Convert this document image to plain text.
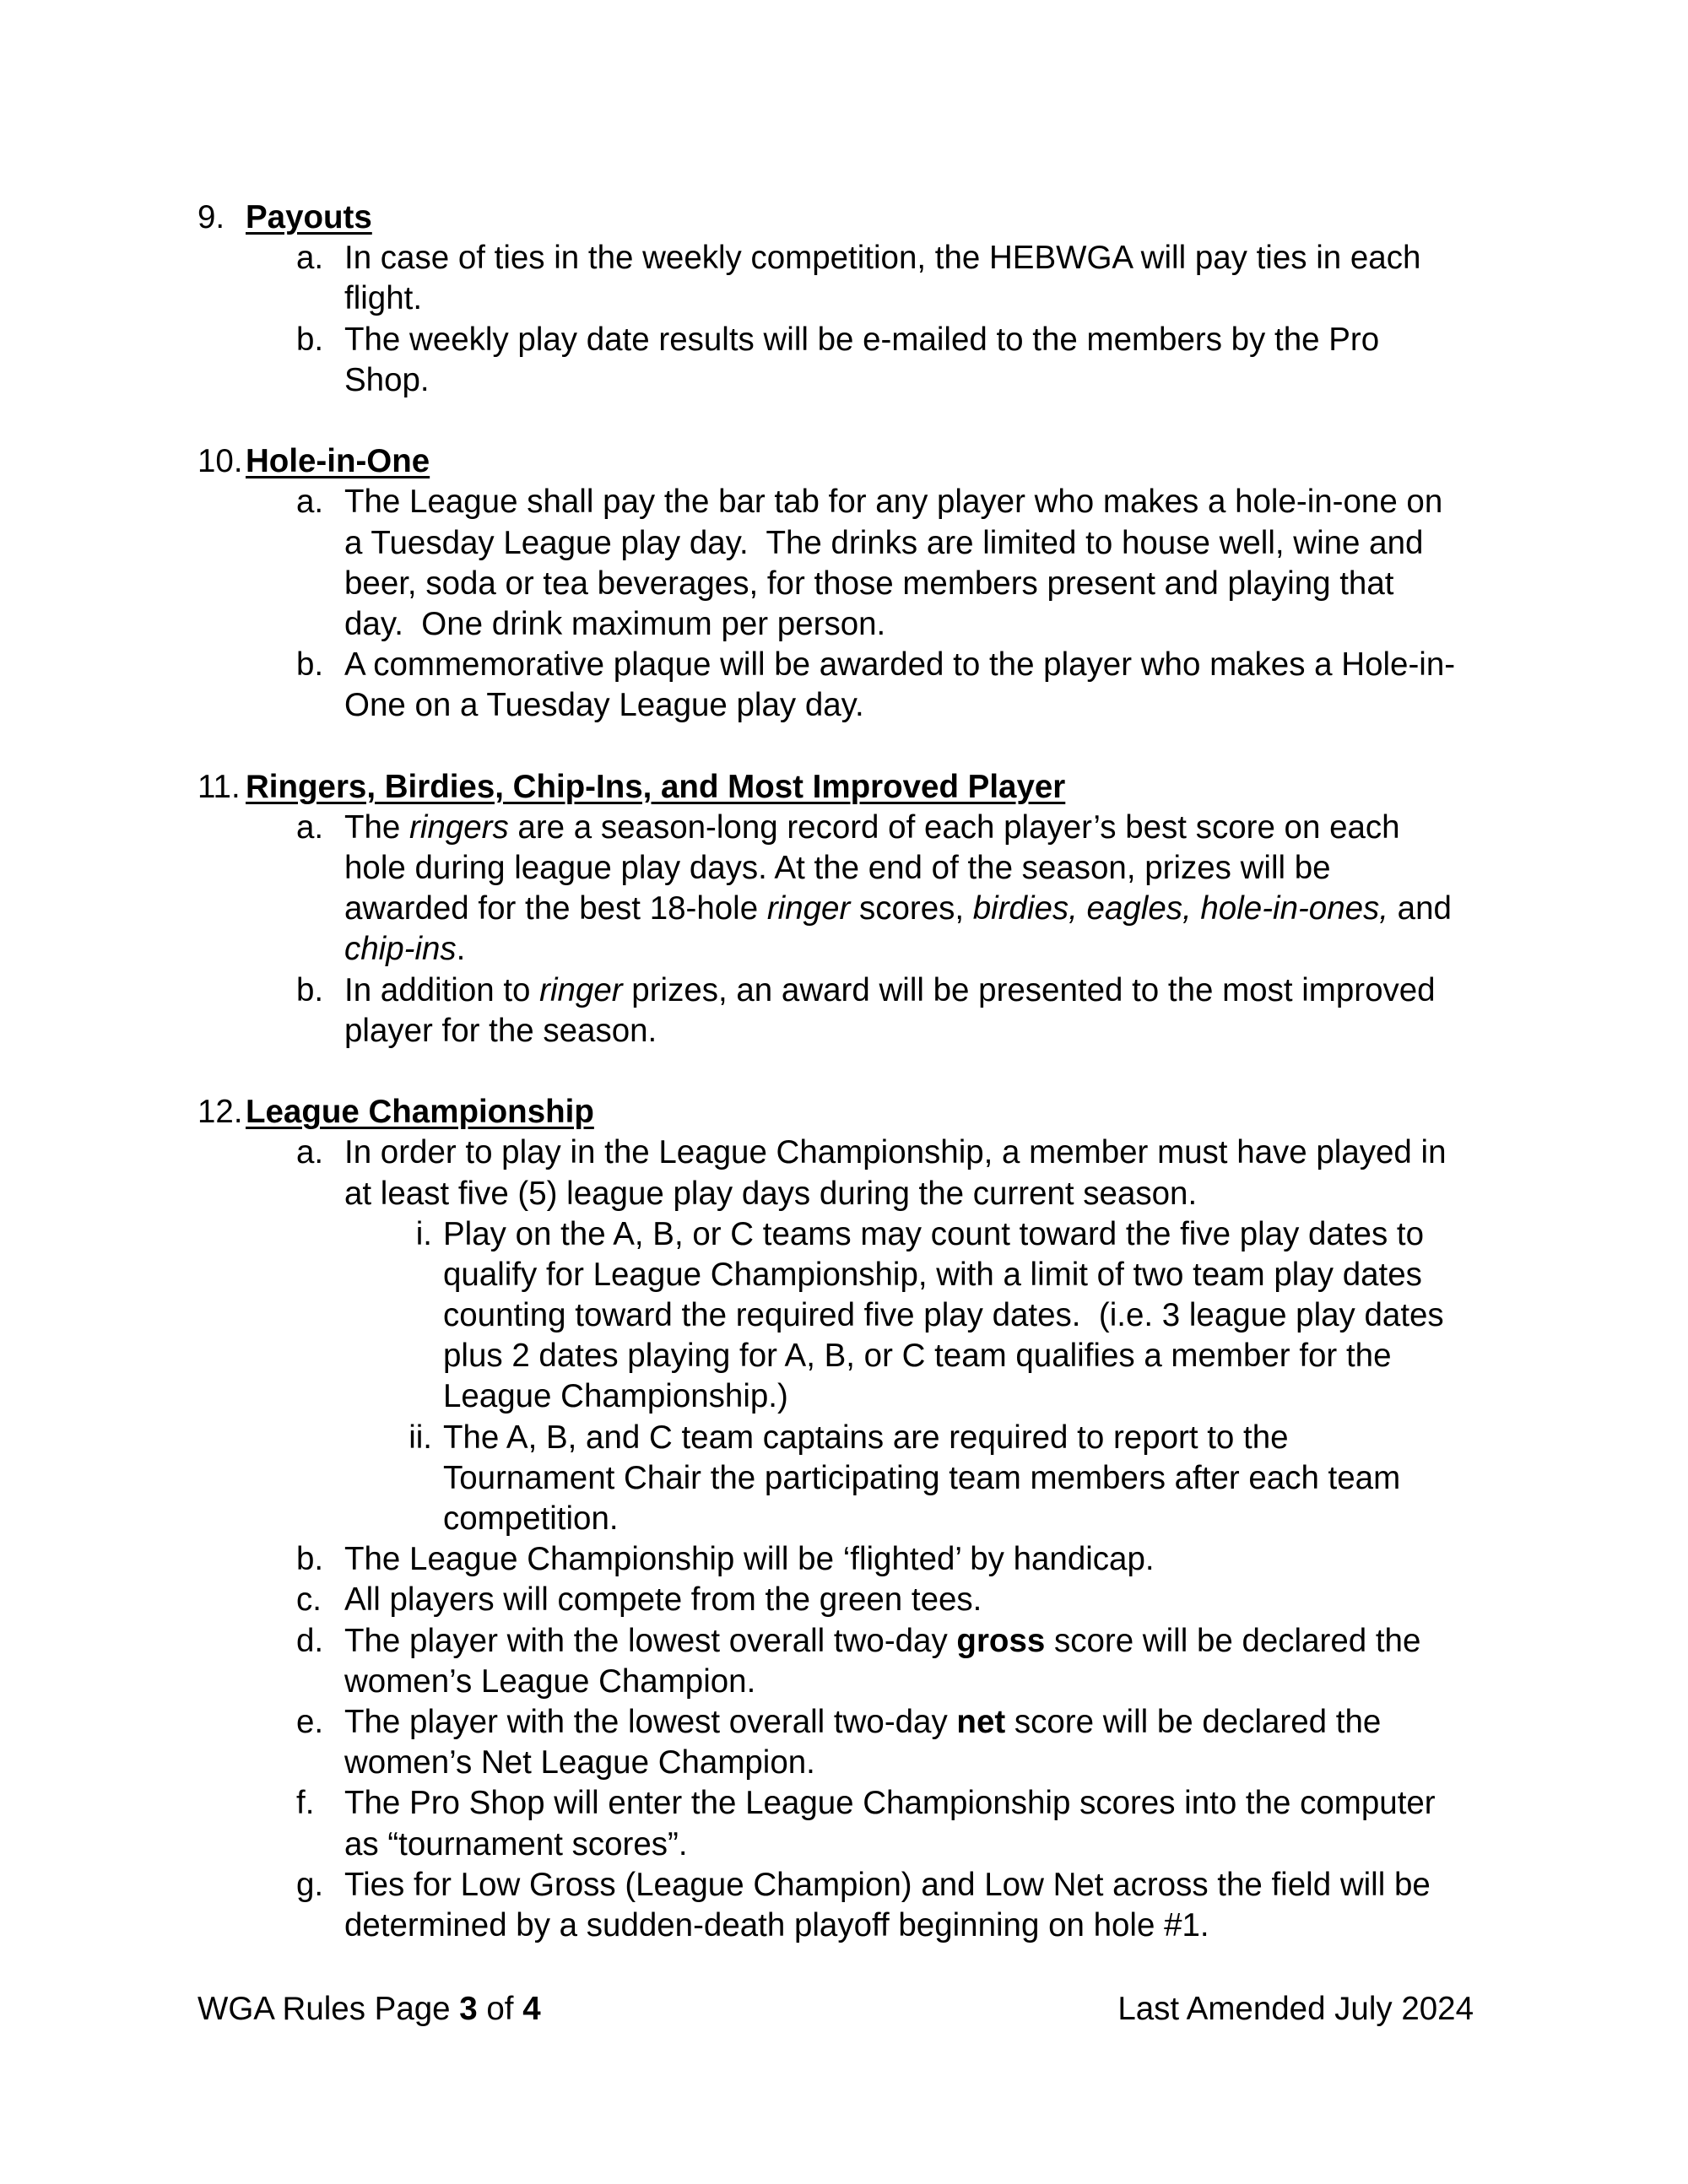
9. Payouts
a. In case of ties in the weekly competition, the HEBWGA will pay ties in each
flight.
b. The weekly play date results will be e-mailed to the members by the Pro
Shop.
10. Hole-in-One
a. The League shall pay the bar tab for any player who makes a hole-in-one on
a Tuesday League play day.  The drinks are limited to house well, wine and
beer, soda or tea beverages, for those members present and playing that
day.  One drink maximum per person.
b. A commemorative plaque will be awarded to the player who makes a Hole-in-
One on a Tuesday League play day.
11. Ringers, Birdies, Chip-Ins, and Most Improved Player
a. The ringers are a season-long record of each player’s best score on each
hole during league play days. At the end of the season, prizes will be
awarded for the best 18-hole ringer scores, birdies, eagles, hole-in-ones, and
chip-ins.
b. In addition to ringer prizes, an award will be presented to the most improved
player for the season.
12. League Championship
a. In order to play in the League Championship, a member must have played in
at least five (5) league play days during the current season.
i. Play on the A, B, or C teams may count toward the five play dates to
qualify for League Championship, with a limit of two team play dates
counting toward the required five play dates.  (i.e. 3 league play dates
plus 2 dates playing for A, B, or C team qualifies a member for the
League Championship.)
ii. The A, B, and C team captains are required to report to the
Tournament Chair the participating team members after each team
competition.
b. The League Championship will be ‘flighted’ by handicap.
c. All players will compete from the green tees.
d. The player with the lowest overall two-day gross score will be declared the
women’s League Champion.
e. The player with the lowest overall two-day net score will be declared the
women’s Net League Champion.
f. The Pro Shop will enter the League Championship scores into the computer
as “tournament scores”.
g. Ties for Low Gross (League Champion) and Low Net across the field will be
determined by a sudden-death playoff beginning on hole #1.
WGA Rules Page 3 of 4	Last Amended July 2024
